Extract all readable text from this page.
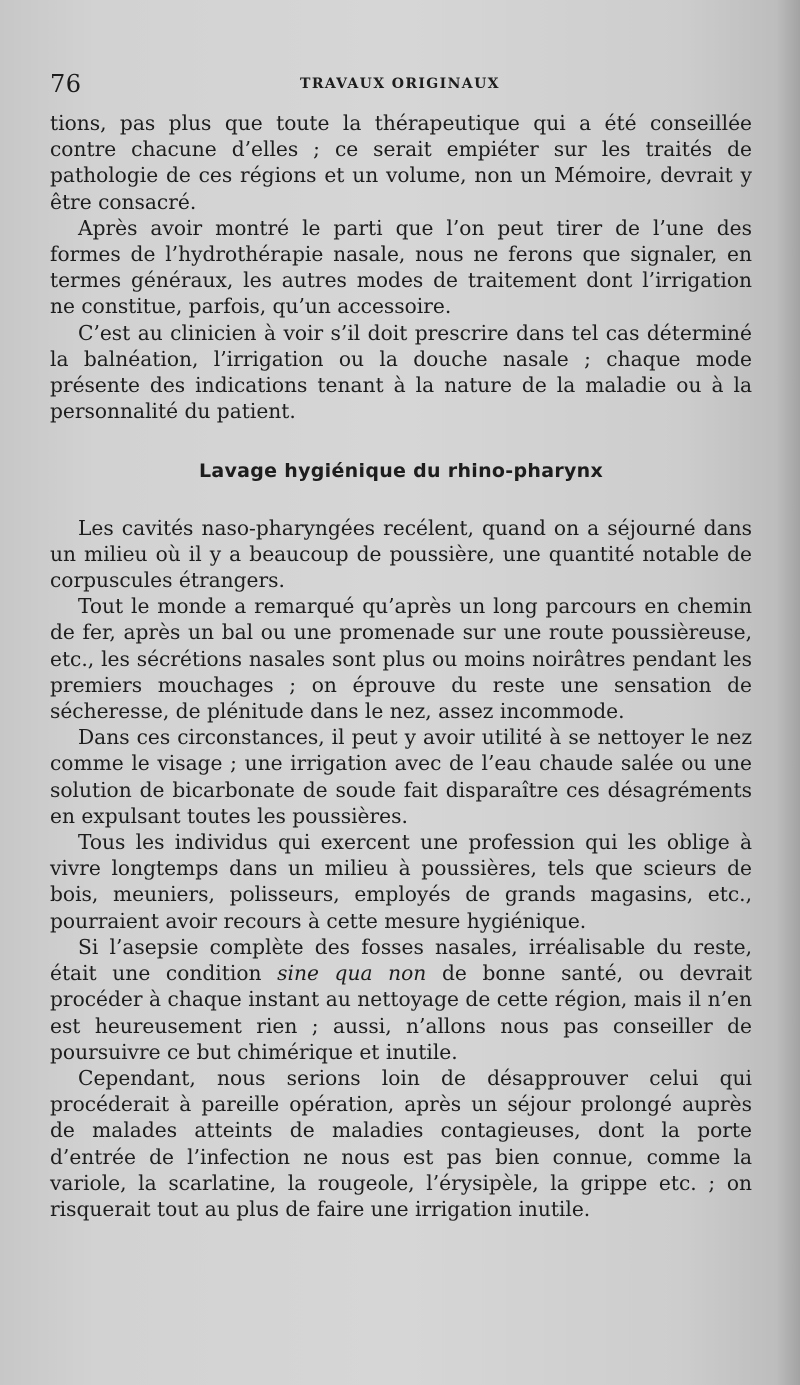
76	TRAVAUX ORIGINAUX

tions, pas plus que toute la thérapeutique qui a été conseillée contre chacune d’elles ; ce serait empiéter sur les traités de pathologie de ces régions et un volume, non un Mémoire, devrait y être consacré.

Après avoir montré le parti que l’on peut tirer de l’une des formes de l’hydrothérapie nasale, nous ne ferons que signaler, en termes généraux, les autres modes de traitement dont l’irrigation ne constitue, parfois, qu’un accessoire.

C’est au clinicien à voir s’il doit prescrire dans tel cas déterminé la balnéation, l’irrigation ou la douche nasale ; chaque mode présente des indications tenant à la nature de la maladie ou à la personnalité du patient.

Lavage hygiénique du rhino-pharynx

Les cavités naso-pharyngées recélent, quand on a séjourné dans un milieu où il y a beaucoup de poussière, une quantité notable de corpuscules étrangers.

Tout le monde a remarqué qu’après un long parcours en chemin de fer, après un bal ou une promenade sur une route poussièreuse, etc., les sécrétions nasales sont plus ou moins noirâtres pendant les premiers mouchages ; on éprouve du reste une sensation de sécheresse, de plénitude dans le nez, assez incommode.

Dans ces circonstances, il peut y avoir utilité à se nettoyer le nez comme le visage ; une irrigation avec de l’eau chaude salée ou une solution de bicarbonate de soude fait disparaître ces désagréments en expulsant toutes les poussières.

Tous les individus qui exercent une profession qui les oblige à vivre longtemps dans un milieu à poussières, tels que scieurs de bois, meuniers, polisseurs, employés de grands magasins, etc., pourraient avoir recours à cette mesure hygiénique.

Si l’asepsie complète des fosses nasales, irréalisable du reste, était une condition sine qua non de bonne santé, ou devrait procéder à chaque instant au nettoyage de cette région, mais il n’en est heureusement rien ; aussi, n’allons nous pas conseiller de poursuivre ce but chimérique et inutile.

Cependant, nous serions loin de désapprouver celui qui procéderait à pareille opération, après un séjour prolongé auprès de malades atteints de maladies contagieuses, dont la porte d’entrée de l’infection ne nous est pas bien connue, comme la variole, la scarlatine, la rougeole, l’érysipèle, la grippe etc. ; on risquerait tout au plus de faire une irrigation inutile.
